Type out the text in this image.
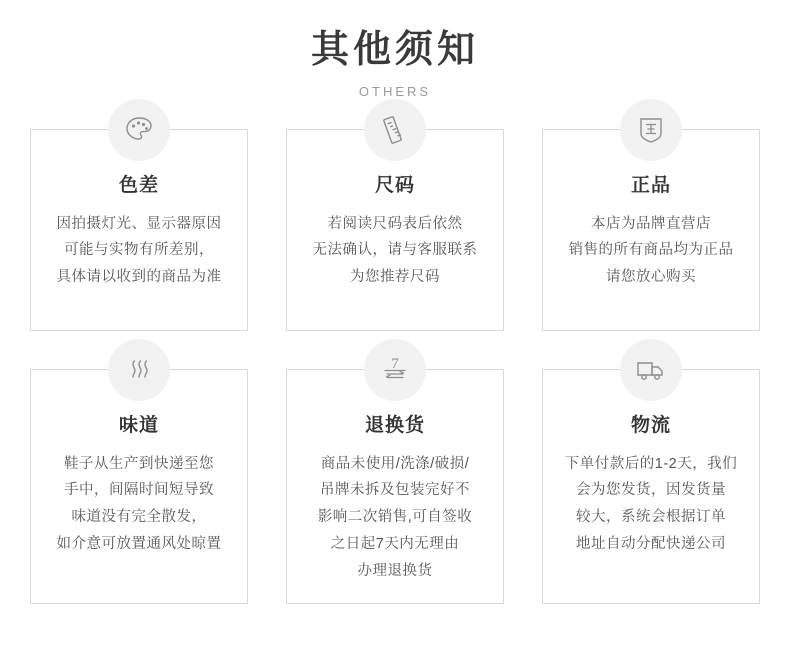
其他须知
OTHERS
色差
因拍摄灯光、显示器原因
可能与实物有所差别，
具体请以收到的商品为准
尺码
若阅读尺码表后依然
无法确认，请与客服联系
为您推荐尺码
正品
本店为品牌直营店
销售的所有商品均为正品
请您放心购买
味道
鞋子从生产到快递至您
手中，间隔时间短导致
味道没有完全散发，
如介意可放置通风处晾置
7
退换货
商品未使用/洗涤/破损/
吊牌未拆及包装完好不
影响二次销售,可自签收
之日起7天内无理由
办理退换货
物流
下单付款后的1-2天，我们
会为您发货，因发货量
较大，系统会根据订单
地址自动分配快递公司
